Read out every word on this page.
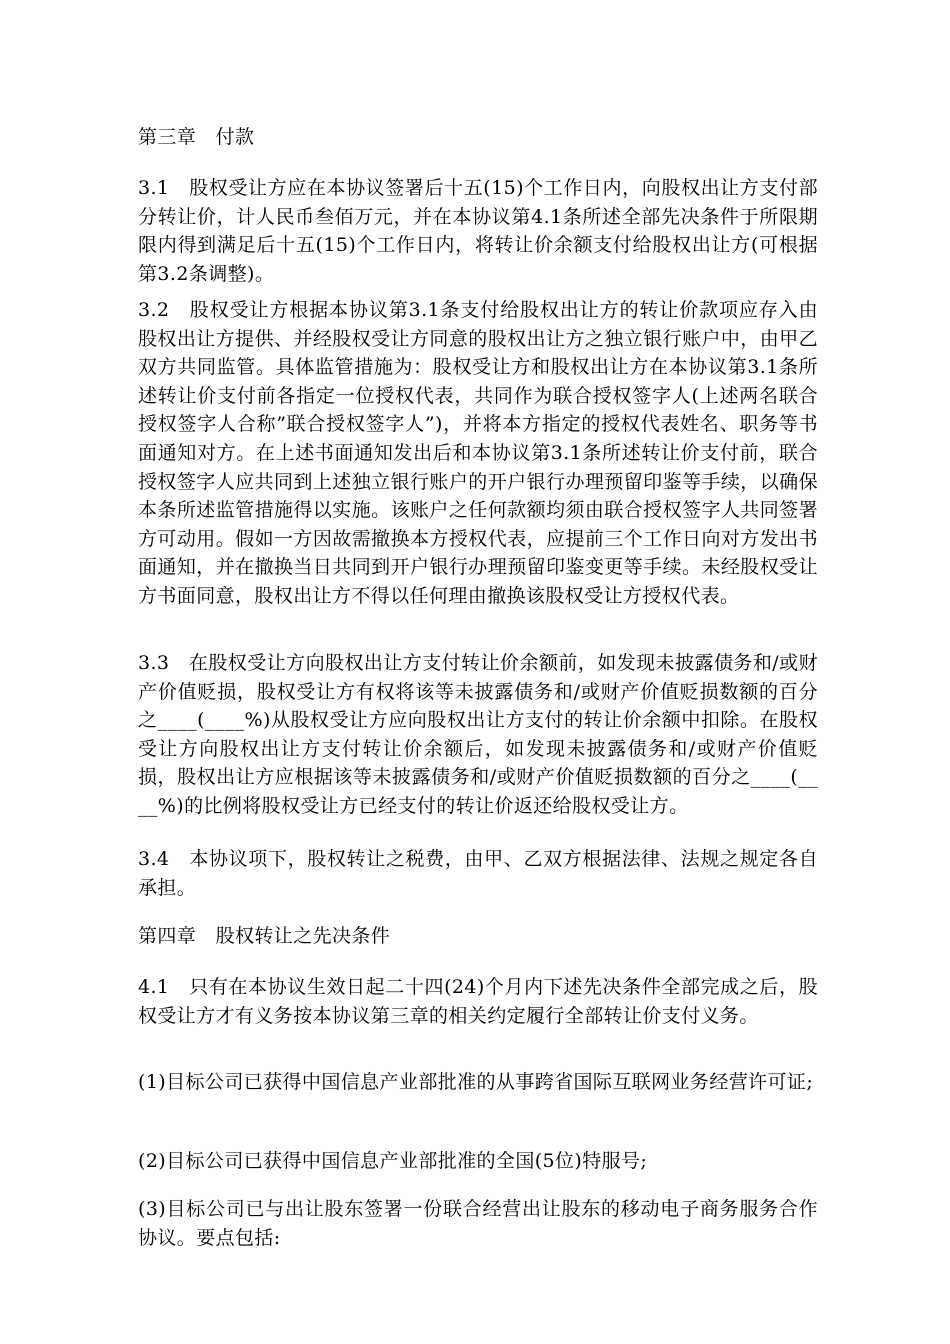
第三章　付款
3.1　股权受让方应在本协议签署后十五(15)个工作日内，向股权出让方支付部分转让价，计人民币叁佰万元，并在本协议第4.1条所述全部先决条件于所限期限内得到满足后十五(15)个工作日内，将转让价余额支付给股权出让方(可根据第3.2条调整)。
3.2　股权受让方根据本协议第3.1条支付给股权出让方的转让价款项应存入由股权出让方提供、并经股权受让方同意的股权出让方之独立银行账户中，由甲乙双方共同监管。具体监管措施为：股权受让方和股权出让方在本协议第3.1条所述转让价支付前各指定一位授权代表，共同作为联合授权签字人(上述两名联合授权签字人合称”联合授权签字人”)，并将本方指定的授权代表姓名、职务等书面通知对方。在上述书面通知发出后和本协议第3.1条所述转让价支付前，联合授权签字人应共同到上述独立银行账户的开户银行办理预留印鉴等手续，以确保本条所述监管措施得以实施。该账户之任何款额均须由联合授权签字人共同签署方可动用。假如一方因故需撤换本方授权代表，应提前三个工作日向对方发出书面通知，并在撤换当日共同到开户银行办理预留印鉴变更等手续。未经股权受让方书面同意，股权出让方不得以任何理由撤换该股权受让方授权代表。
3.3　在股权受让方向股权出让方支付转让价余额前，如发现未披露债务和/或财产价值贬损，股权受让方有权将该等未披露债务和/或财产价值贬损数额的百分之____(____%)从股权受让方应向股权出让方支付的转让价余额中扣除。在股权受让方向股权出让方支付转让价余额后，如发现未披露债务和/或财产价值贬损，股权出让方应根据该等未披露债务和/或财产价值贬损数额的百分之____(____%)的比例将股权受让方已经支付的转让价返还给股权受让方。
3.4　本协议项下，股权转让之税费，由甲、乙双方根据法律、法规之规定各自承担。
第四章　股权转让之先决条件
4.1　只有在本协议生效日起二十四(24)个月内下述先决条件全部完成之后，股权受让方才有义务按本协议第三章的相关约定履行全部转让价支付义务。
(1)目标公司已获得中国信息产业部批准的从事跨省国际互联网业务经营许可证;
(2)目标公司已获得中国信息产业部批准的全国(5位)特服号;
(3)目标公司已与出让股东签署一份联合经营出让股东的移动电子商务服务合作协议。要点包括:
